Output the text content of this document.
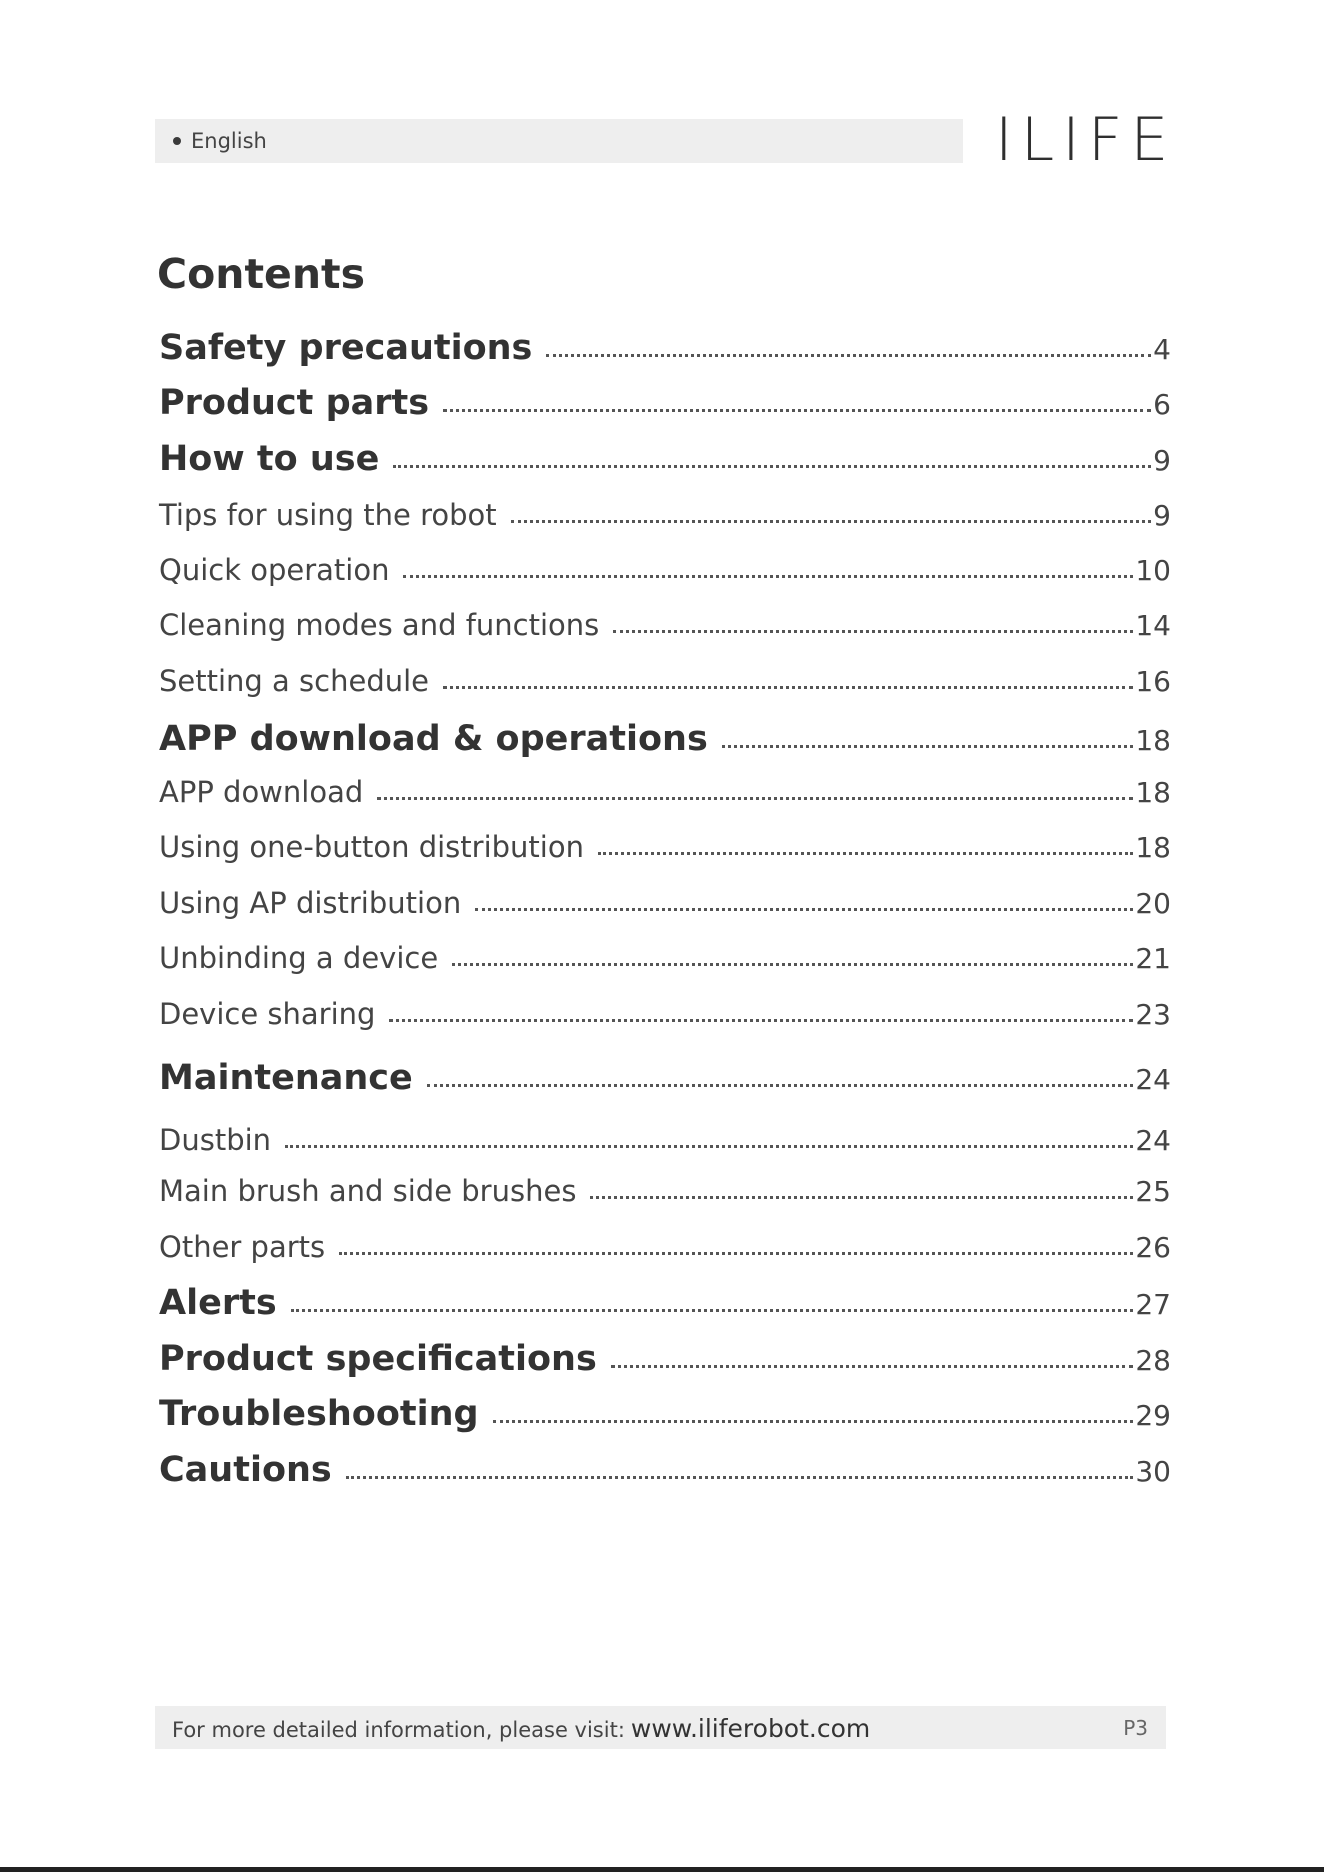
English	ILIFE
Contents
Safety precautions	4
Product parts	6
How to use	9
Tips for using the robot	9
Quick operation	10
Cleaning modes and functions	14
Setting a schedule	16
APP download & operations	18
APP download	18
Using one-button distribution	18
Using AP distribution	20
Unbinding a device	21
Device sharing	23
Maintenance	24
Dustbin	24
Main brush and side brushes	25
Other parts	26
Alerts	27
Product specifications	28
Troubleshooting	29
Cautions	30
For more detailed information, please visit: www.iliferobot.com	P3
